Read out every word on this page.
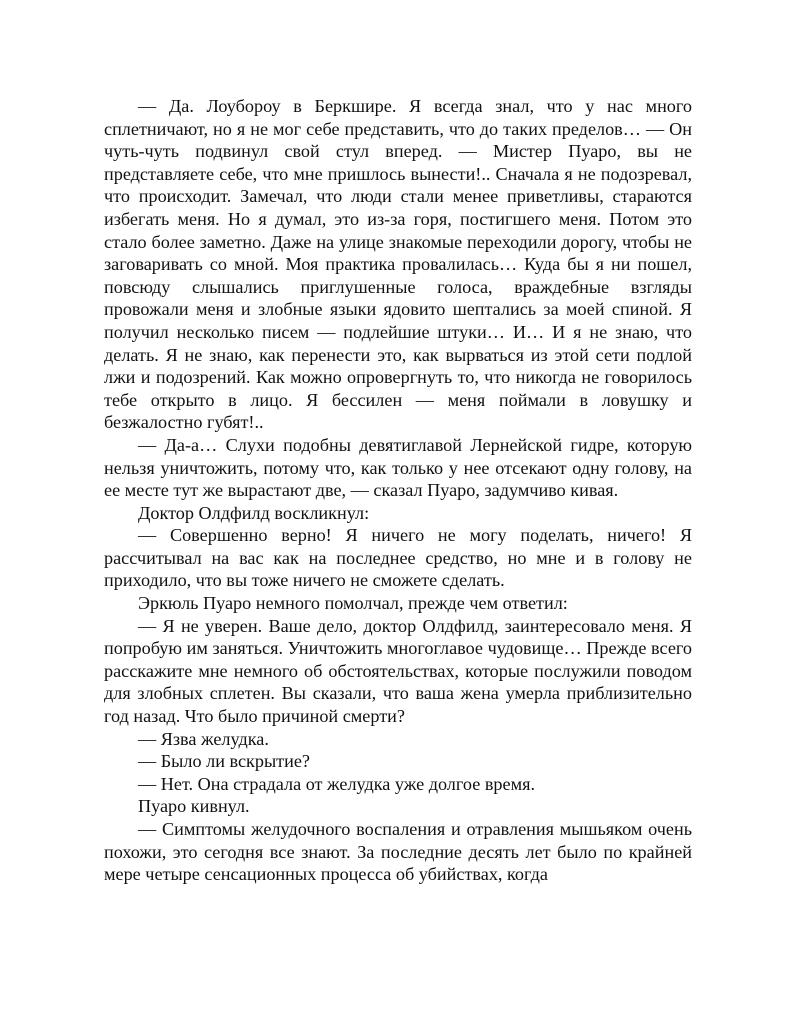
— Да. Лоубороу в Беркшире. Я всегда знал, что у нас много сплетничают, но я не мог себе представить, что до таких пределов… — Он чуть-чуть подвинул свой стул вперед. — Мистер Пуаро, вы не представляете себе, что мне пришлось вынести!.. Сначала я не подозревал, что происходит. Замечал, что люди стали менее приветливы, стараются избегать меня. Но я думал, это из-за горя, постигшего меня. Потом это стало более заметно. Даже на улице знакомые переходили дорогу, чтобы не заговаривать со мной. Моя практика провалилась… Куда бы я ни пошел, повсюду слышались приглушенные голоса, враждебные взгляды провожали меня и злобные языки ядовито шептались за моей спиной. Я получил несколько писем — подлейшие штуки… И… И я не знаю, что делать. Я не знаю, как перенести это, как вырваться из этой сети подлой лжи и подозрений. Как можно опровергнуть то, что никогда не говорилось тебе открыто в лицо. Я бессилен — меня поймали в ловушку и безжалостно губят!..

— Да-а… Слухи подобны девятиглавой Лернейской гидре, которую нельзя уничтожить, потому что, как только у нее отсекают одну голову, на ее месте тут же вырастают две, — сказал Пуаро, задумчиво кивая.

Доктор Олдфилд воскликнул:

— Совершенно верно! Я ничего не могу поделать, ничего! Я рассчитывал на вас как на последнее средство, но мне и в голову не приходило, что вы тоже ничего не сможете сделать.

Эркюль Пуаро немного помолчал, прежде чем ответил:

— Я не уверен. Ваше дело, доктор Олдфилд, заинтересовало меня. Я попробую им заняться. Уничтожить многоглавое чудовище… Прежде всего расскажите мне немного об обстоятельствах, которые послужили поводом для злобных сплетен. Вы сказали, что ваша жена умерла приблизительно год назад. Что было причиной смерти?

— Язва желудка.

— Было ли вскрытие?

— Нет. Она страдала от желудка уже долгое время.

Пуаро кивнул.

— Симптомы желудочного воспаления и отравления мышьяком очень похожи, это сегодня все знают. За последние десять лет было по крайней мере четыре сенсационных процесса об убийствах, когда
